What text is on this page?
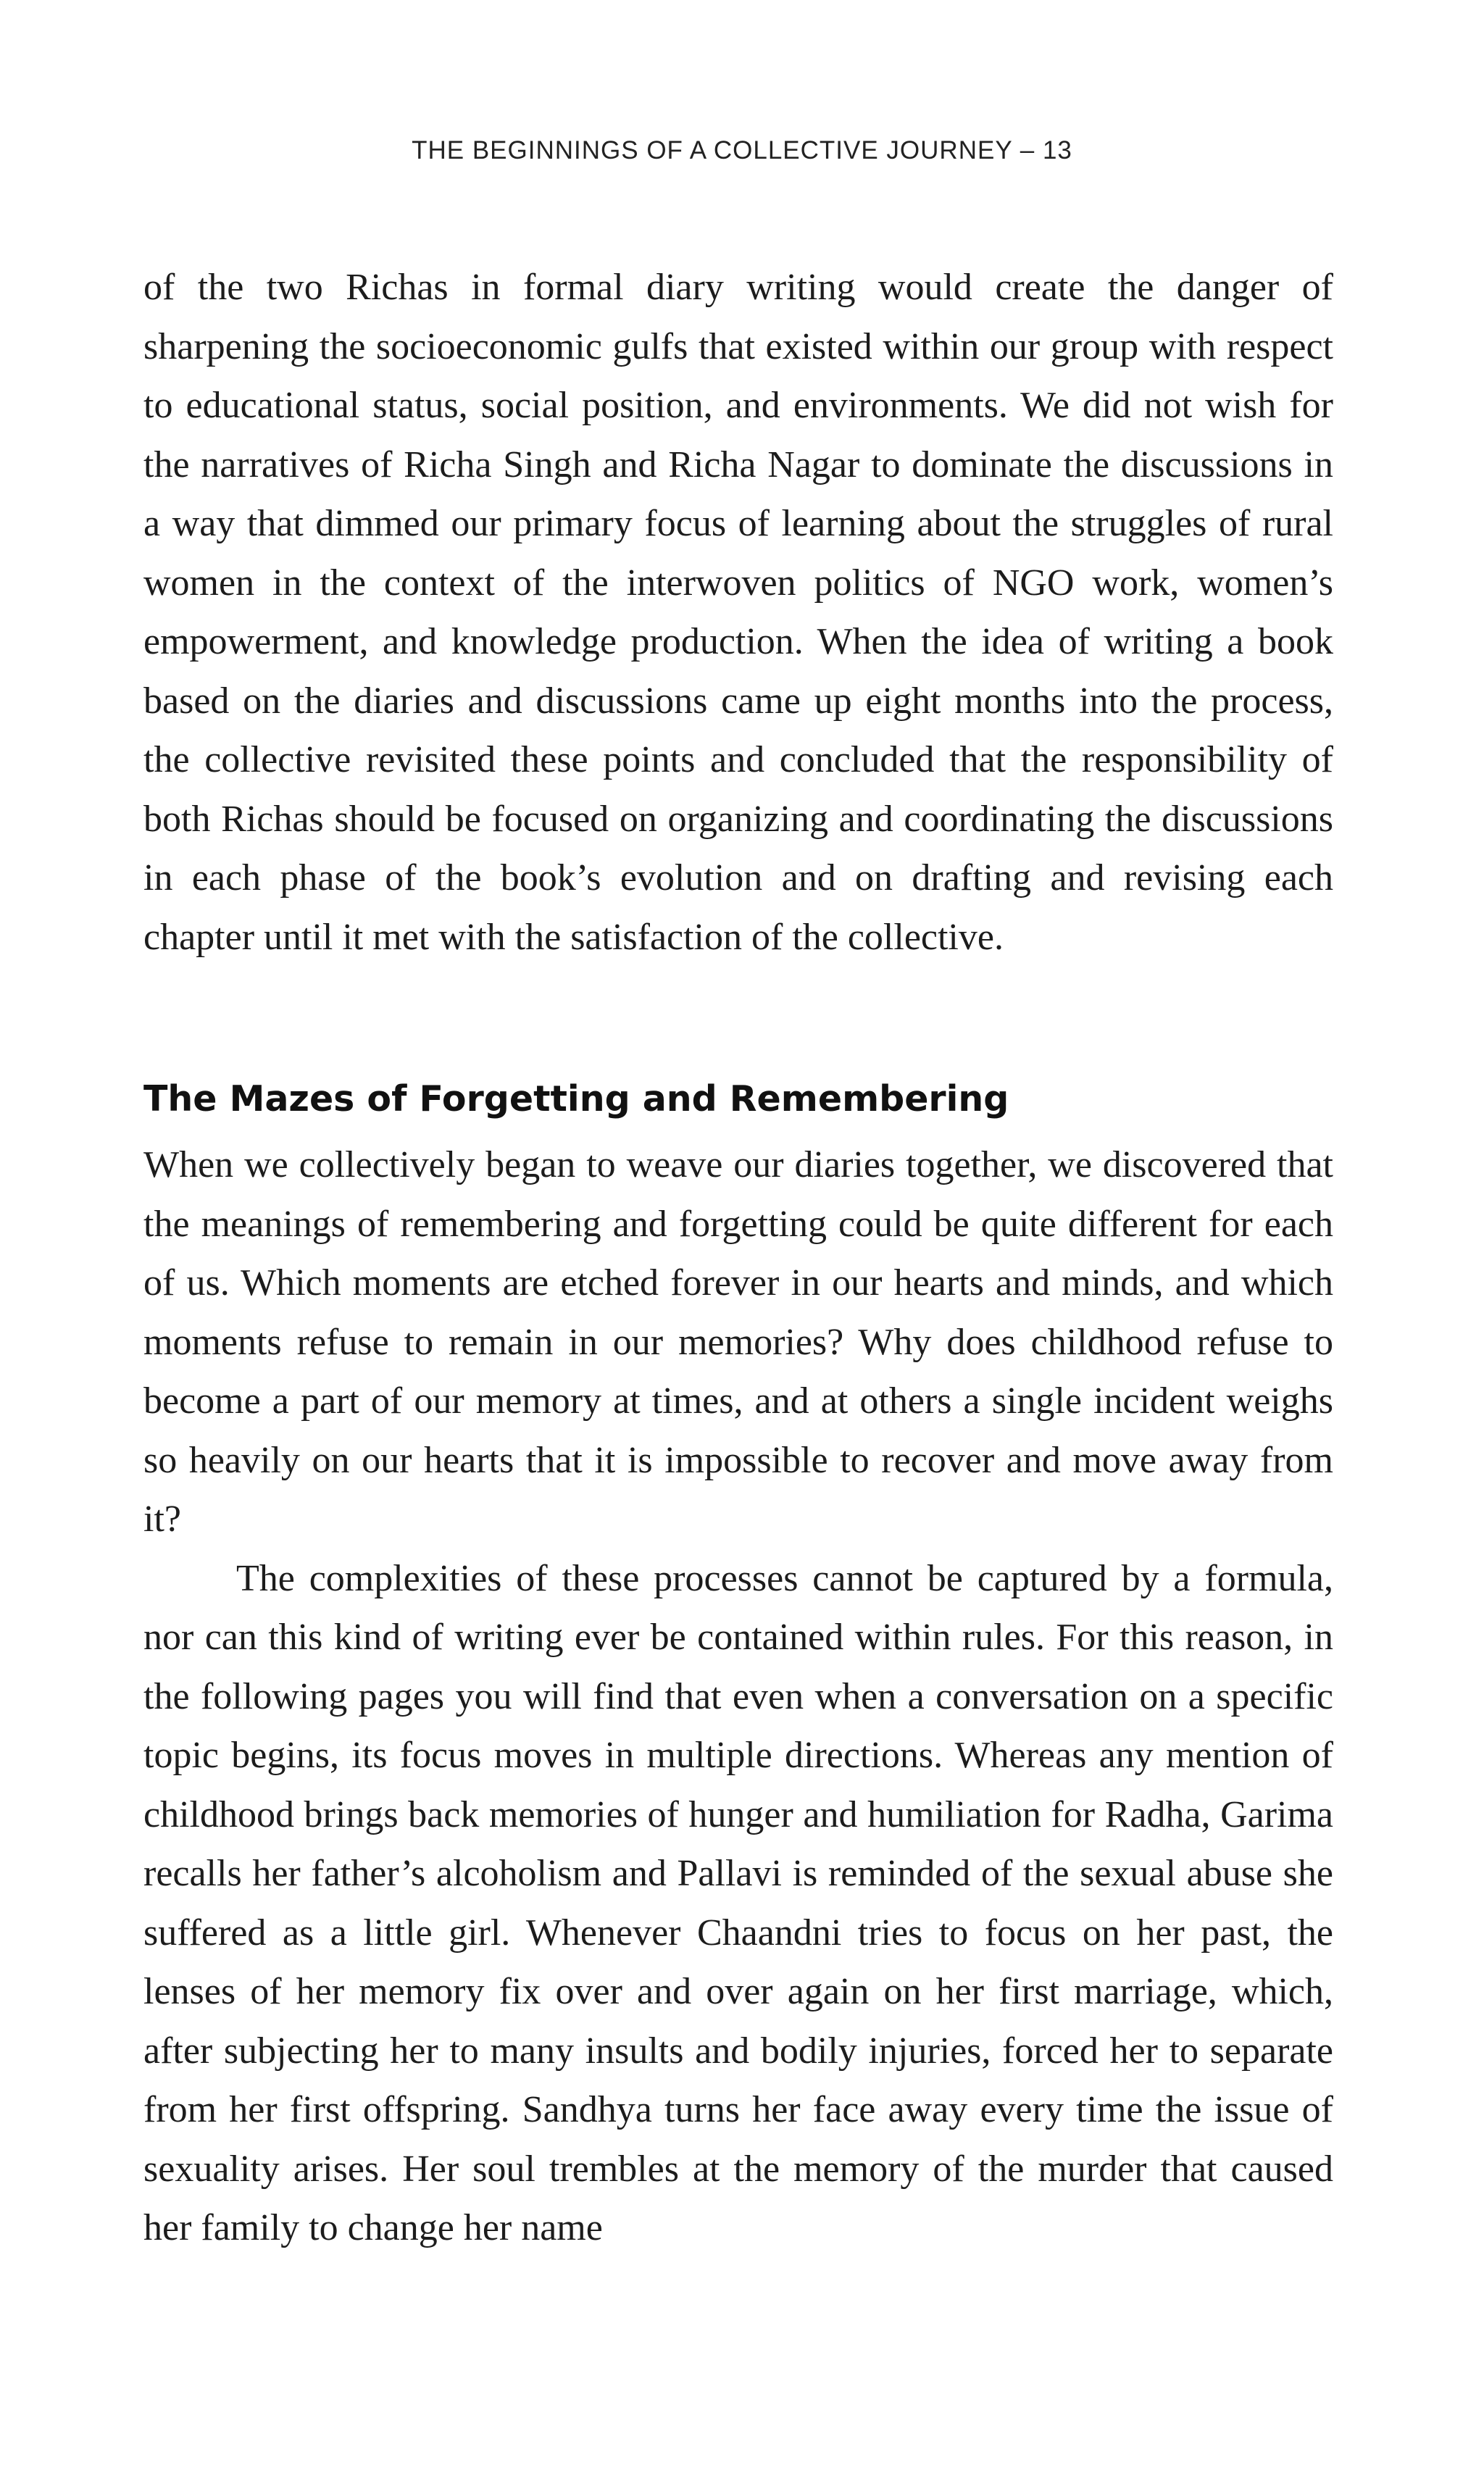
THE BEGINNINGS OF A COLLECTIVE JOURNEY – 13

of the two Richas in formal diary writing would create the danger of sharpening the socioeconomic gulfs that existed within our group with respect to educational status, social position, and environments. We did not wish for the narratives of Richa Singh and Richa Nagar to dominate the discussions in a way that dimmed our primary focus of learning about the struggles of rural women in the context of the interwoven politics of NGO work, women’s empowerment, and knowledge production. When the idea of writing a book based on the diaries and discussions came up eight months into the process, the collective revisited these points and concluded that the responsibility of both Richas should be focused on organizing and coordinating the discussions in each phase of the book’s evolution and on drafting and revising each chapter until it met with the satisfaction of the collective.

The Mazes of Forgetting and Remembering

When we collectively began to weave our diaries together, we discovered that the meanings of remembering and forgetting could be quite different for each of us. Which moments are etched forever in our hearts and minds, and which moments refuse to remain in our memories? Why does childhood refuse to become a part of our memory at times, and at others a single incident weighs so heavily on our hearts that it is impossible to recover and move away from it?

The complexities of these processes cannot be captured by a formula, nor can this kind of writing ever be contained within rules. For this reason, in the following pages you will find that even when a conversation on a specific topic begins, its focus moves in multiple directions. Whereas any mention of childhood brings back memories of hunger and humiliation for Radha, Garima recalls her father’s alcoholism and Pallavi is reminded of the sexual abuse she suffered as a little girl. Whenever Chaandni tries to focus on her past, the lenses of her memory fix over and over again on her first marriage, which, after subjecting her to many insults and bodily injuries, forced her to separate from her first offspring. Sandhya turns her face away every time the issue of sexuality arises. Her soul trembles at the memory of the murder that caused her family to change her name
